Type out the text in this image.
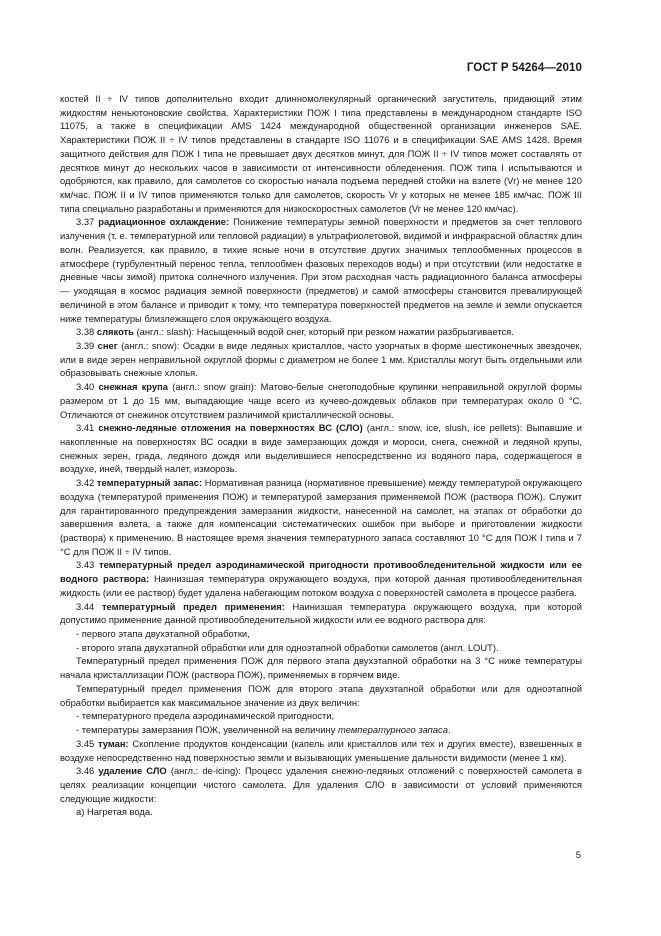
ГОСТ Р 54264—2010

костей II ÷ IV типов дополнительно входит длинномолекулярный органический загуститель, придающий этим жидкостям неньютоновские свойства. Характеристики ПОЖ I типа представлены в международном стандарте ISO 11075, а также в спецификации AMS 1424 международной общественной организации инженеров SAE. Характеристики ПОЖ II ÷ IV типов представлены в стандарте ISO 11076 и в спецификации SAE AMS 1428. Время защитного действия для ПОЖ I типа не превышает двух десятков минут, для ПОЖ II ÷ IV типов может составлять от десятков минут до нескольких часов в зависимости от интенсивности обледенения. ПОЖ типа I испытываются и одобряются, как правило, для самолетов со скоростью начала подъема передней стойки на взлете (Vr) не менее 120 км/час. ПОЖ II и IV типов применяются только для самолетов, скорость Vr у которых не менее 185 км/час. ПОЖ III типа специально разработаны и применяются для низкоскоростных самолетов (Vr не менее 120 км/час).

3.37 радиационное охлаждение: Понижение температуры земной поверхности и предметов за счет теплового излучения (т. е. температурной или тепловой радиации) в ультрафиолетовой, видимой и инфракрасной областях длин волн. Реализуется, как правило, в тихие ясные ночи в отсутствие других значимых теплообменных процессов в атмосфере (турбулентный перенос тепла, теплообмен фазовых переходов воды) и при отсутствии (или недостатке в дневные часы зимой) притока солнечного излучения. При этом расходная часть радиационного баланса атмосферы — уходящая в космос радиация земной поверхности (предметов) и самой атмосферы становится превалирующей величиной в этом балансе и приводит к тому, что температура поверхностей предметов на земле и земли опускается ниже температуры близлежащего слоя окружающего воздуха.

3.38 слякоть (англ.: slash): Насыщенный водой снег, который при резком нажатии разбрызгивается.

3.39 снег (англ.: snow): Осадки в виде ледяных кристаллов, часто узорчатых в форме шестиконечных звездочек, или в виде зерен неправильной округлой формы с диаметром не более 1 мм. Кристаллы могут быть отдельными или образовывать снежные хлопья.

3.40 снежная крупа (англ.: snow grain): Матово-белые снегоподобные крупинки неправильной округлой формы размером от 1 до 15 мм, выпадающие чаще всего из кучево-дождевых облаков при температурах около 0 °С. Отличаются от снежинок отсутствием различимой кристаллической основы.

3.41 снежно-ледяные отложения на поверхностях ВС (СЛО) (англ.: snow, ice, slush, ice pellets): Выпавшие и накопленные на поверхностях ВС осадки в виде замерзающих дождя и мороси, снега, снежной и ледяной крупы, снежных зерен, града, ледяного дождя или выделившиеся непосредственно из водяного пара, содержащегося в воздухе, иней, твердый налет, изморозь.

3.42 температурный запас: Нормативная разница (нормативное превышение) между температурой окружающего воздуха (температурой применения ПОЖ) и температурой замерзания применяемой ПОЖ (раствора ПОЖ). Служит для гарантированного предупреждения замерзания жидкости, нанесенной на самолет, на этапах от обработки до завершения взлета, а также для компенсации систематических ошибок при выборе и приготовлении жидкости (раствора) к применению. В настоящее время значения температурного запаса составляют 10 °С для ПОЖ I типа и 7 °С для ПОЖ II ÷ IV типов.

3.43 температурный предел аэродинамической пригодности противообледенительной жидкости или ее водного раствора: Наинизшая температура окружающего воздуха, при которой данная противообледенительная жидкость (или ее раствор) будет удалена набегающим потоком воздуха с поверхностей самолета в процессе разбега.

3.44 температурный предел применения: Наинизшая температура окружающего воздуха, при которой допустимо применение данной противообледенительной жидкости или ее водного раствора для:

- первого этапа двухэтапной обработки,

- второго этапа двухэтапной обработки или для одноэтапной обработки самолетов (англ. LOUT).

Температурный предел применения ПОЖ для первого этапа двухэтапной обработки на 3 °С ниже температуры начала кристаллизации ПОЖ (раствора ПОЖ), применяемых в горячем виде.

Температурный предел применения ПОЖ для второго этапа двухэтапной обработки или для одноэтапной обработки выбирается как максимальное значение из двух величин:

- температурного предела аэродинамической пригодности,

- температуры замерзания ПОЖ, увеличенной на величину температурного запаса.

3.45 туман: Скопление продуктов конденсации (капель или кристаллов или тех и других вместе), взвешенных в воздухе непосредственно над поверхностью земли и вызывающих уменьшение дальности видимости (менее 1 км).

3.46 удаление СЛО (англ.: de-icing): Процесс удаления снежно-ледяных отложений с поверхностей самолета в целях реализации концепции чистого самолета. Для удаления СЛО в зависимости от условий применяются следующие жидкости:

а) Нагретая вода.

5
